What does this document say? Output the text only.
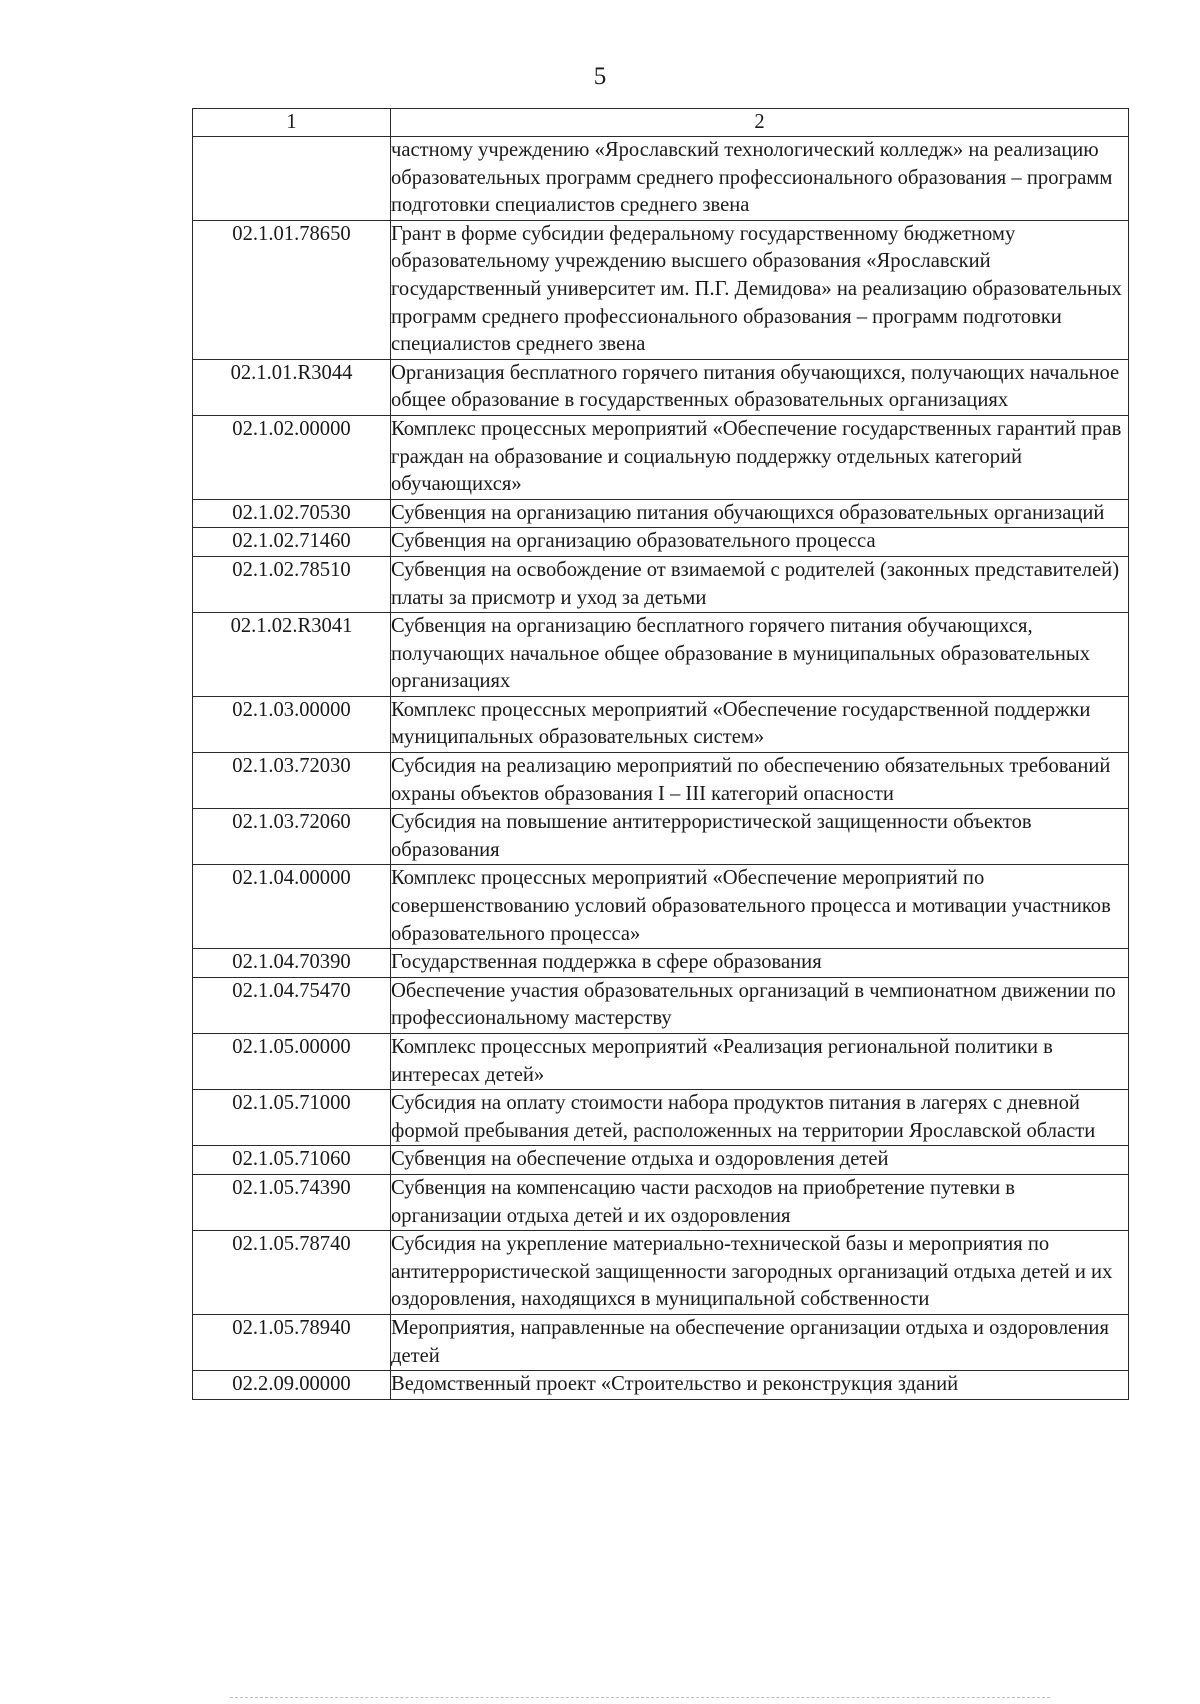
5
1	2
	частному учреждению «Ярославский технологический колледж» на реализацию образовательных программ среднего профессионального образования – программ подготовки специалистов среднего звена
02.1.01.78650	Грант в форме субсидии федеральному государственному бюджетному образовательному учреждению высшего образования «Ярославский государственный университет им. П.Г. Демидова» на реализацию образовательных программ среднего профессионального образования – программ подготовки специалистов среднего звена
02.1.01.R3044	Организация бесплатного горячего питания обучающихся, получающих начальное общее образование в государственных образовательных организациях
02.1.02.00000	Комплекс процессных мероприятий «Обеспечение государственных гарантий прав граждан на образование и социальную поддержку отдельных категорий обучающихся»
02.1.02.70530	Субвенция на организацию питания обучающихся образовательных организаций
02.1.02.71460	Субвенция на организацию образовательного процесса
02.1.02.78510	Субвенция на освобождение от взимаемой с родителей (законных представителей) платы за присмотр и уход за детьми
02.1.02.R3041	Субвенция на организацию бесплатного горячего питания обучающихся, получающих начальное общее образование в муниципальных образовательных организациях
02.1.03.00000	Комплекс процессных мероприятий «Обеспечение государственной поддержки муниципальных образовательных систем»
02.1.03.72030	Субсидия на реализацию мероприятий по обеспечению обязательных требований охраны объектов образования I – III категорий опасности
02.1.03.72060	Субсидия на повышение антитеррористической защищенности объектов образования
02.1.04.00000	Комплекс процессных мероприятий «Обеспечение мероприятий по совершенствованию условий образовательного процесса и мотивации участников образовательного процесса»
02.1.04.70390	Государственная поддержка в сфере образования
02.1.04.75470	Обеспечение участия образовательных организаций в чемпионатном движении по профессиональному мастерству
02.1.05.00000	Комплекс процессных мероприятий «Реализация региональной политики в интересах детей»
02.1.05.71000	Субсидия на оплату стоимости набора продуктов питания в лагерях с дневной формой пребывания детей, расположенных на территории Ярославской области
02.1.05.71060	Субвенция на обеспечение отдыха и оздоровления детей
02.1.05.74390	Субвенция на компенсацию части расходов на приобретение путевки в организации отдыха детей и их оздоровления
02.1.05.78740	Субсидия на укрепление материально-технической базы и мероприятия по антитеррористической защищенности загородных организаций отдыха детей и их оздоровления, находящихся в муниципальной собственности
02.1.05.78940	Мероприятия, направленные на обеспечение организации отдыха и оздоровления детей
02.2.09.00000	Ведомственный проект «Строительство и реконструкция зданий
